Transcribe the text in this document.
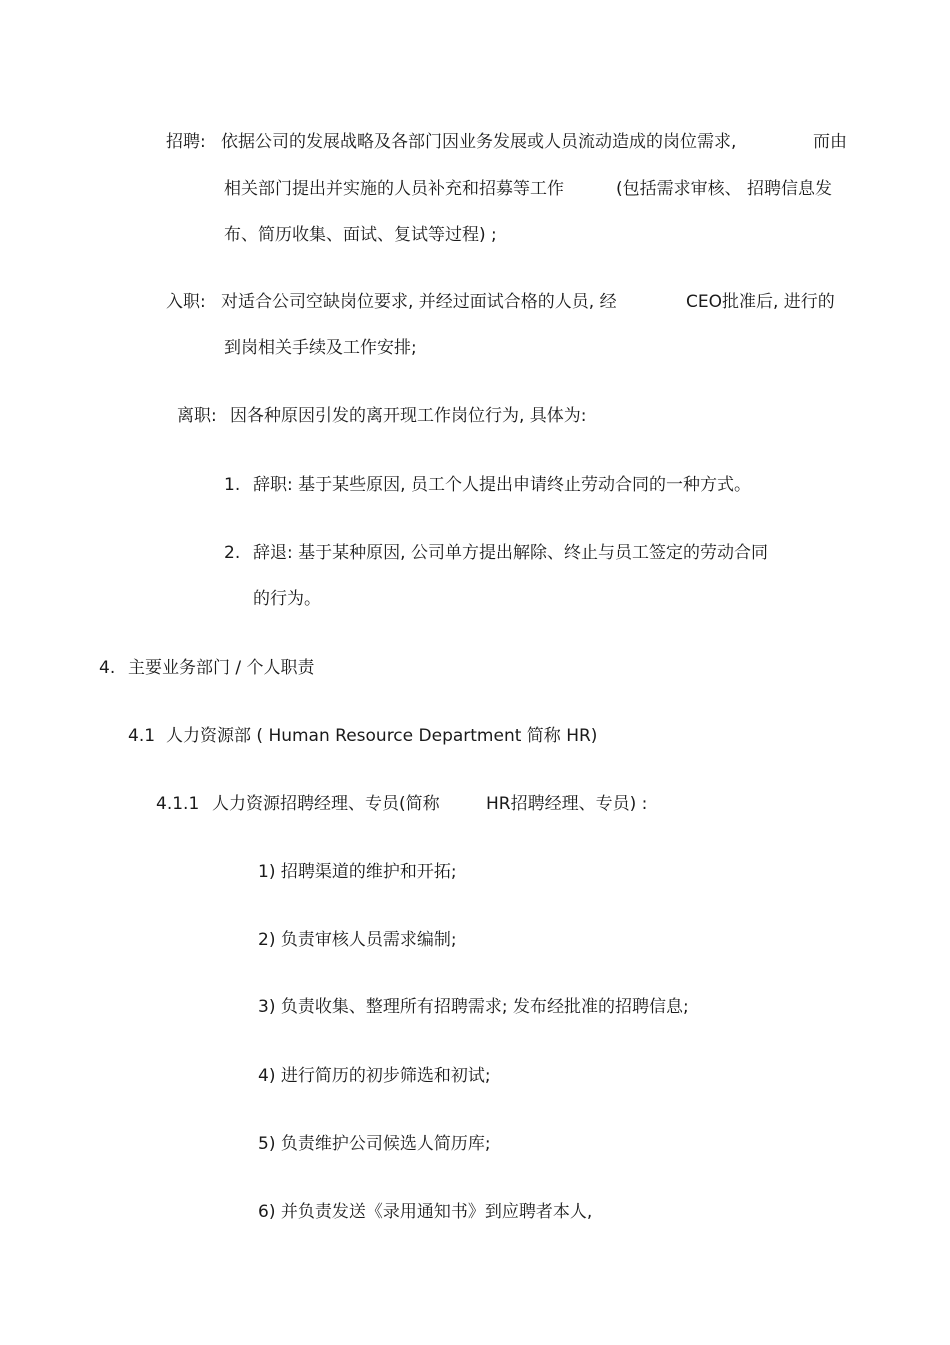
招聘: 依据公司的发展战略及各部门因业务发展或人员流动造成的岗位需求,	而由
相关部门提出并实施的人员补充和招募等工作	(包括需求审核、 招聘信息发
布、简历收集、面试、复试等过程) ;
入职: 对适合公司空缺岗位要求, 并经过面试合格的人员, 经	CEO批准后, 进行的
到岗相关手续及工作安排;
离职: 因各种原因引发的离开现工作岗位行为, 具体为:
1. 辞职: 基于某些原因, 员工个人提出申请终止劳动合同的一种方式。
2. 辞退: 基于某种原因, 公司单方提出解除、终止与员工签定的劳动合同
的行为。
4. 主要业务部门 / 个人职责
4.1 人力资源部 ( Human Resource Department 简称 HR)
4.1.1 人力资源招聘经理、专员(简称	HR招聘经理、专员) :
1) 招聘渠道的维护和开拓;
2) 负责审核人员需求编制;
3) 负责收集、整理所有招聘需求; 发布经批准的招聘信息;
4) 进行简历的初步筛选和初试;
5) 负责维护公司候选人简历库;
6) 并负责发送《录用通知书》到应聘者本人,
